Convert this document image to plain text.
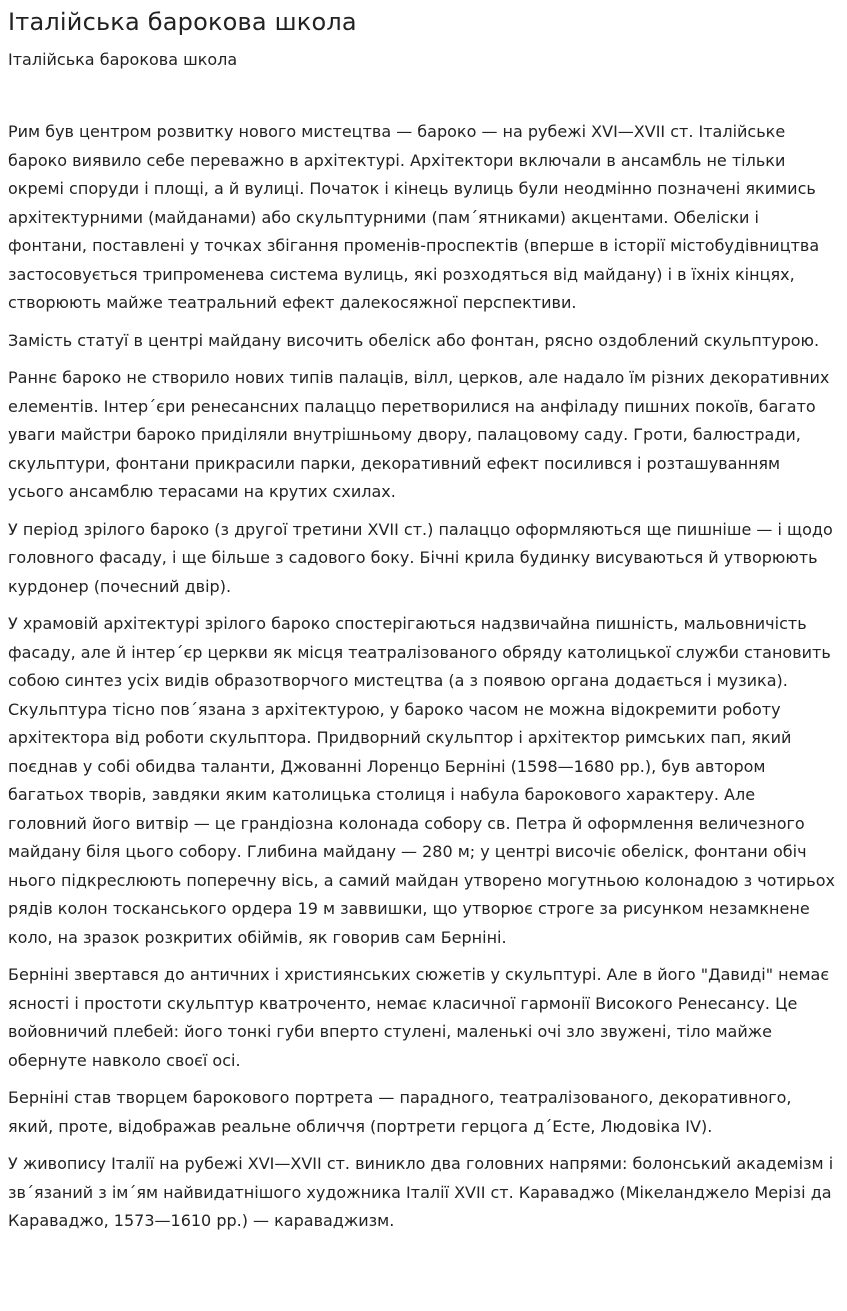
Італійська барокова школа
Італійська барокова школа

Рим був центром розвитку нового мистецтва — бароко — на рубежі XVI—XVII ст. Італійське бароко виявило себе переважно в архітектурі. Архітектори включали в ансамбль не тільки окремі споруди і площі, а й вулиці. Початок і кінець вулиць були неодмінно позначені якимись архітектурними (майданами) або скульптурними (пам´ятниками) акцентами. Обеліски і фонтани, поставлені у точках збігання променів-проспектів (вперше в історії містобудівництва застосовується трипроменева система вулиць, які розходяться від майдану) і в їхніх кінцях, створюють майже театральний ефект далекосяжної перспективи.

Замість статуї в центрі майдану височить обеліск або фонтан, рясно оздоблений скульптурою.

Раннє бароко не створило нових типів палаців, вілл, церков, але надало їм різних декоративних елементів. Інтер´єри ренесансних палаццо перетворилися на анфіладу пишних покоїв, багато уваги майстри бароко приділяли внутрішньому двору, палацовому саду. Гроти, балюстради, скульптури, фонтани прикрасили парки, декоративний ефект посилився і розташуванням усього ансамблю терасами на крутих схилах.

У період зрілого бароко (з другої третини XVII ст.) палаццо оформляються ще пишніше — і щодо головного фасаду, і ще більше з садового боку. Бічні крила будинку висуваються й утворюють курдонер (почесний двір).

У храмовій архітектурі зрілого бароко спостерігаються надзвичайна пишність, мальовничість фасаду, але й інтер´єр церкви як місця театралізованого обряду католицької служби становить собою синтез усіх видів образотворчого мистецтва (а з появою органа додається і музика). Скульптура тісно пов´язана з архітектурою, у бароко часом не можна відокремити роботу архітектора від роботи скульптора. Придворний скульптор і архітектор римських пап, який поєднав у собі обидва таланти, Джованні Лоренцо Берніні (1598—1680 pp.), був автором багатьох творів, завдяки яким католицька столиця і набула барокового характеру. Але головний його витвір — це грандіозна колонада собору св. Петра й оформлення величезного майдану біля цього собору. Глибина майдану — 280 м; у центрі височіє обеліск, фонтани обіч нього підкреслюють поперечну вісь, а самий майдан утворено могутньою колонадою з чотирьох рядів колон тосканського ордера 19 м заввишки, що утворює строге за рисунком незамкнене коло, на зразок розкритих обіймів, як говорив сам Берніні.

Берніні звертався до античних і християнських сюжетів у скульптурі. Але в його "Давиді" немає ясності і простоти скульптур кватроченто, немає класичної гармонії Високого Ренесансу. Це войовничий плебей: його тонкі губи вперто стулені, маленькі очі зло звужені, тіло майже обернуте навколо своєї осі.

Берніні став творцем барокового портрета — парадного, театралізованого, декоративного, який, проте, відображав реальне обличчя (портрети герцога д´Есте, Людовіка IV).

У живопису Італії на рубежі XVI—XVII ст. виникло два головних напрями: болонський академізм і зв´язаний з ім´ям найвидатнішого художника Італії XVII ст. Караваджо (Мікеланджело Мерізі да Караваджо, 1573—1610 pp.) — караваджизм.
